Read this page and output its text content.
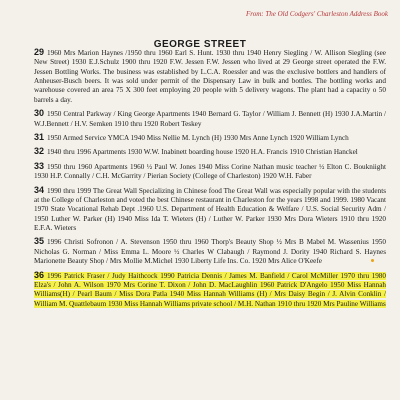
From: The Old Codgers' Charleston Address Book
GEORGE STREET
29 1960 Mrs Marion Haynes /1950 thru 1960 Earl S. Hunt. 1930 thru 1940 Henry Siegling / W. Allison Siegling (see New Street) 1930 E.J.Schulz 1900 thru 1920 F.W. Jessen F.W. Jessen who lived at 29 George street operated the F.W. Jessen Bottling Works. The business was established by L.C.A. Roessler and was the exclusive bottlers and handlers of Anheuser-Busch beers. It was sold under permit of the Dispensary Law in bulk and bottles. The bottling works and warehouse covered an area 75 X 300 feet employing 20 people with 5 delivery wagons. The plant had a capacity o 50 barrels a day.
30 1950 Central Parkway / King George Apartments 1940 Bernard G. Taylor / William J. Bennett (H) 1930 J.A.Martin / W.J.Bennett / H.V. Semken 1910 thru 1920 Robert Teskey
31 1950 Armed Service YMCA 1940 Miss Nellie M. Lynch (H) 1930 Mrs Anne Lynch 1920 William Lynch
32 1940 thru 1996 Apartments 1930 W.W. Inabinett boarding house 1920 H.A. Francis 1910 Christian Hanckel
33 1950 thru 1960 Apartments 1960 ½ Paul W. Jones 1940 Miss Corine Nathan music teacher ½ Elton C. Boukniight 1930 H.P. Connally / C.H. McGarrity / Pierian Society (College of Charleston) 1920 W.H. Faber
34 1990 thru 1999 The Great Wall Specializing in Chinese food The Great Wall was especially popular with the students at the College of Charleston and voted the best Chinese restaurant in Charleston for the years 1998 and 1999. 1980 Vacant 1970 State Vocational Rehab Dept .1960 U.S. Department of Health Education & Welfare / U.S. Social Security Adm / 1950 Luther W. Parker (H) 1940 Miss Ida T. Wieters (H) / Luther W. Parker 1930 Mrs Dora Wieters 1910 thru 1920 E.F.A. Wieters
35 1996 Christi Sofronon / A. Stevenson 1950 thru 1960 Thorp's Beauty Shop ½ Mrs B Mabel M. Wassenius 1950 Nicholas G. Norman / Miss Emma L. Moore ½ Charles W Clabaugh / Raymond J. Dority 1940 Richard S. Haynes Marionette Beauty Shop / Mrs Mollie M.Michel 1930 Liberty Life Ins. Co. 1920 Mrs Alice O'Keefe
36 1996 Patrick Fraser / Judy Haithcock 1990 Patricia Dennis / James M. Banfield / Carol McMiller 1970 thru 1980 Elza's / John A. Wilson 1970 Mrs Corine T. Dixon / John D. MacLaughlin 1960 Patrick D'Angelo 1950 Miss Hannah Williams(H) / Pearl Baum / Miss Dora Patla 1940 Miss Hannah Williams (H) / Mrs Daisy Begin / J. Alvin Conklin / William M. Quattlebaum 1930 Miss Hannah Williams private school / M.H. Nathan 1910 thru 1920 Mrs Pauline Williams
